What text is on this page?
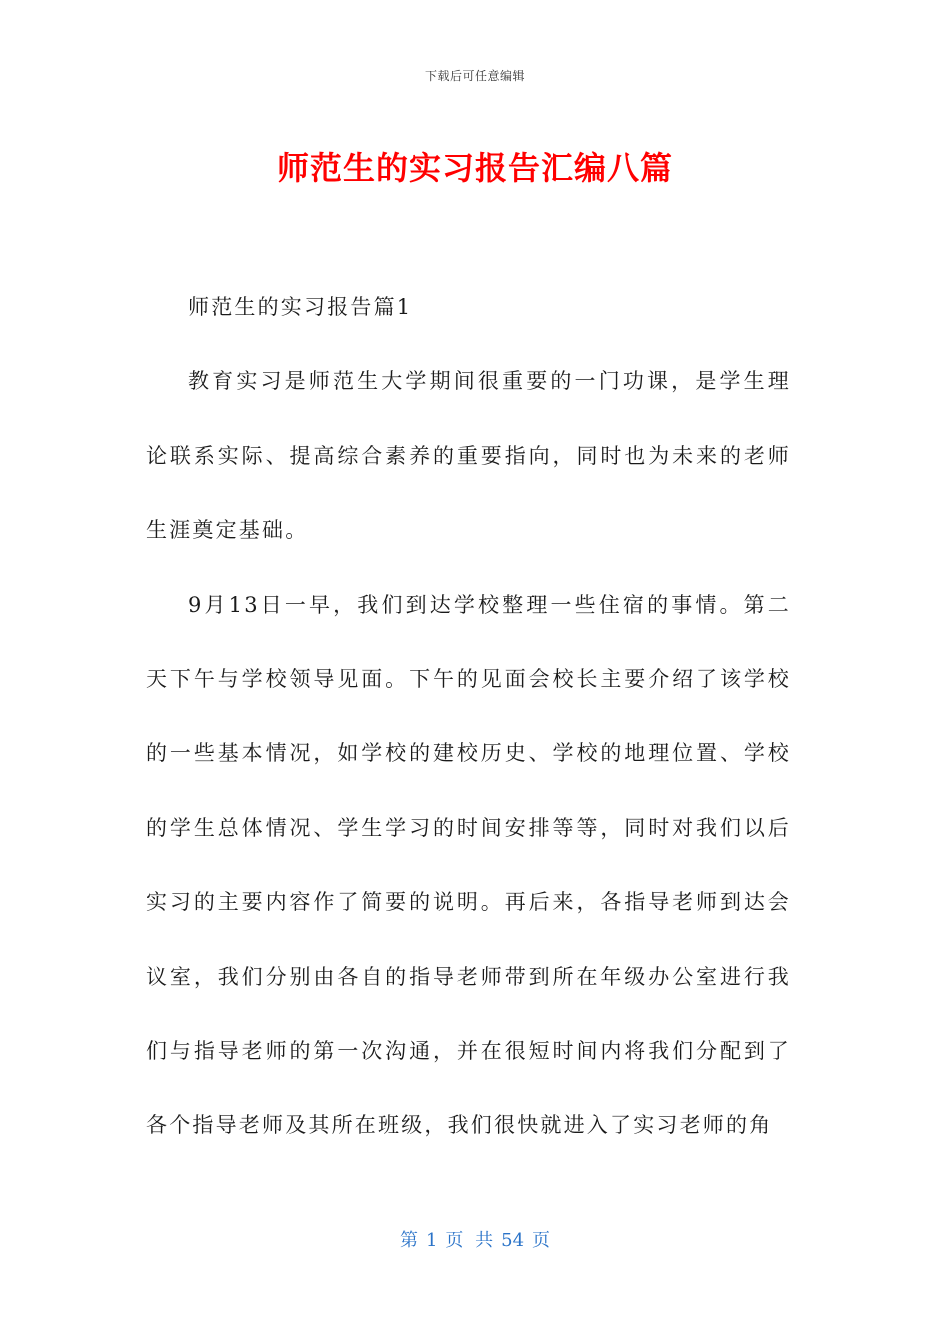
下载后可任意编辑
师范生的实习报告汇编八篇

师范生的实习报告篇1

教育实习是师范生大学期间很重要的一门功课，是学生理论联系实际、提高综合素养的重要指向，同时也为未来的老师生涯奠定基础。

9月13日一早，我们到达学校整理一些住宿的事情。第二天下午与学校领导见面。下午的见面会校长主要介绍了该学校的一些基本情况，如学校的建校历史、学校的地理位置、学校的学生总体情况、学生学习的时间安排等等，同时对我们以后实习的主要内容作了简要的说明。再后来，各指导老师到达会议室，我们分别由各自的指导老师带到所在年级办公室进行我们与指导老师的第一次沟通，并在很短时间内将我们分配到了各个指导老师及其所在班级，我们很快就进入了实习老师的角

第 1 页 共 54 页
